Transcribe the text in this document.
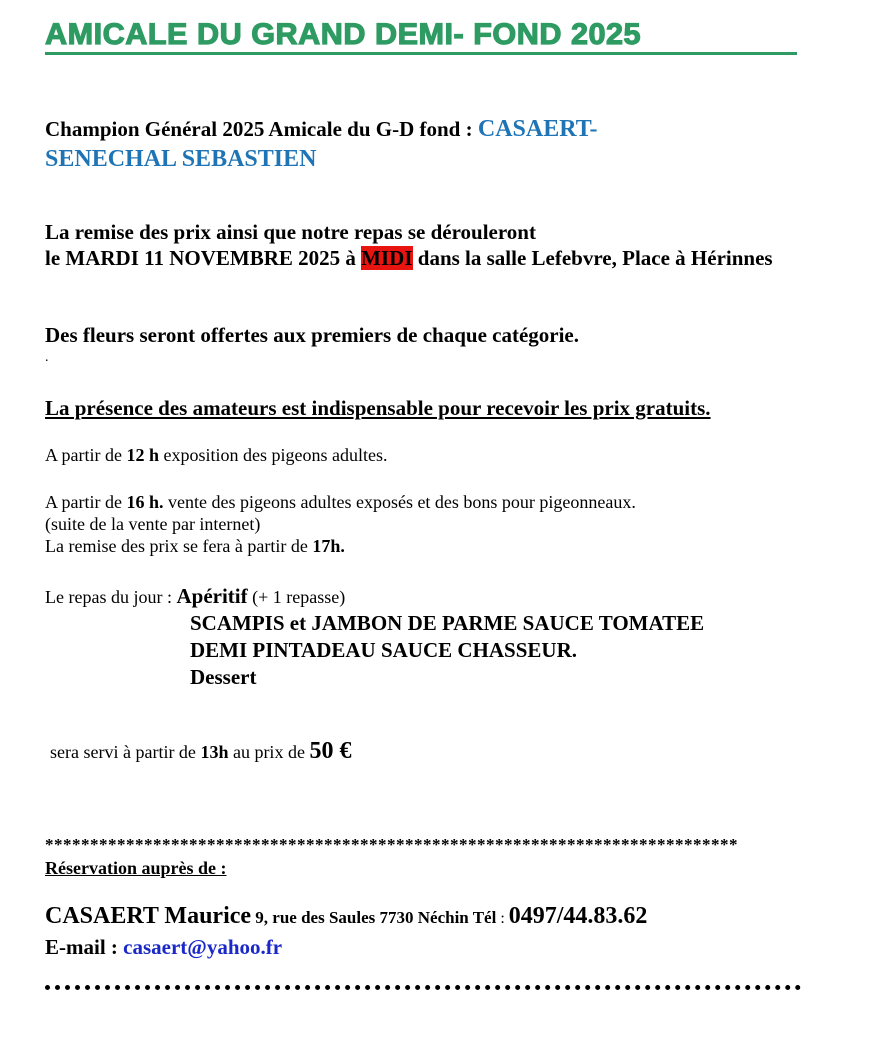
AMICALE DU GRAND DEMI- FOND 2025
Champion Général 2025 Amicale du G-D fond : CASAERT- SENECHAL SEBASTIEN
La remise des prix ainsi que notre repas se dérouleront
le MARDI 11 NOVEMBRE 2025 à MIDI dans la salle Lefebvre, Place à Hérinnes
Des fleurs seront offertes aux premiers de chaque catégorie.
.
La présence des amateurs est indispensable pour recevoir les prix gratuits.
A partir de 12 h exposition des pigeons adultes.
A partir de 16 h. vente des pigeons adultes exposés et des bons pour pigeonneaux.
(suite de la vente par internet)
La remise des prix se fera à partir de 17h.
Le repas du jour : Apéritif (+ 1 repasse)
SCAMPIS et JAMBON DE PARME SAUCE TOMATEE
DEMI PINTADEAU SAUCE CHASSEUR.
Dessert
sera servi à partir de 13h au prix de 50 €
*****************************************************************************
Réservation auprès de :
CASAERT Maurice 9, rue des Saules 7730 Néchin Tél : 0497/44.83.62
E-mail : casaert@yahoo.fr
